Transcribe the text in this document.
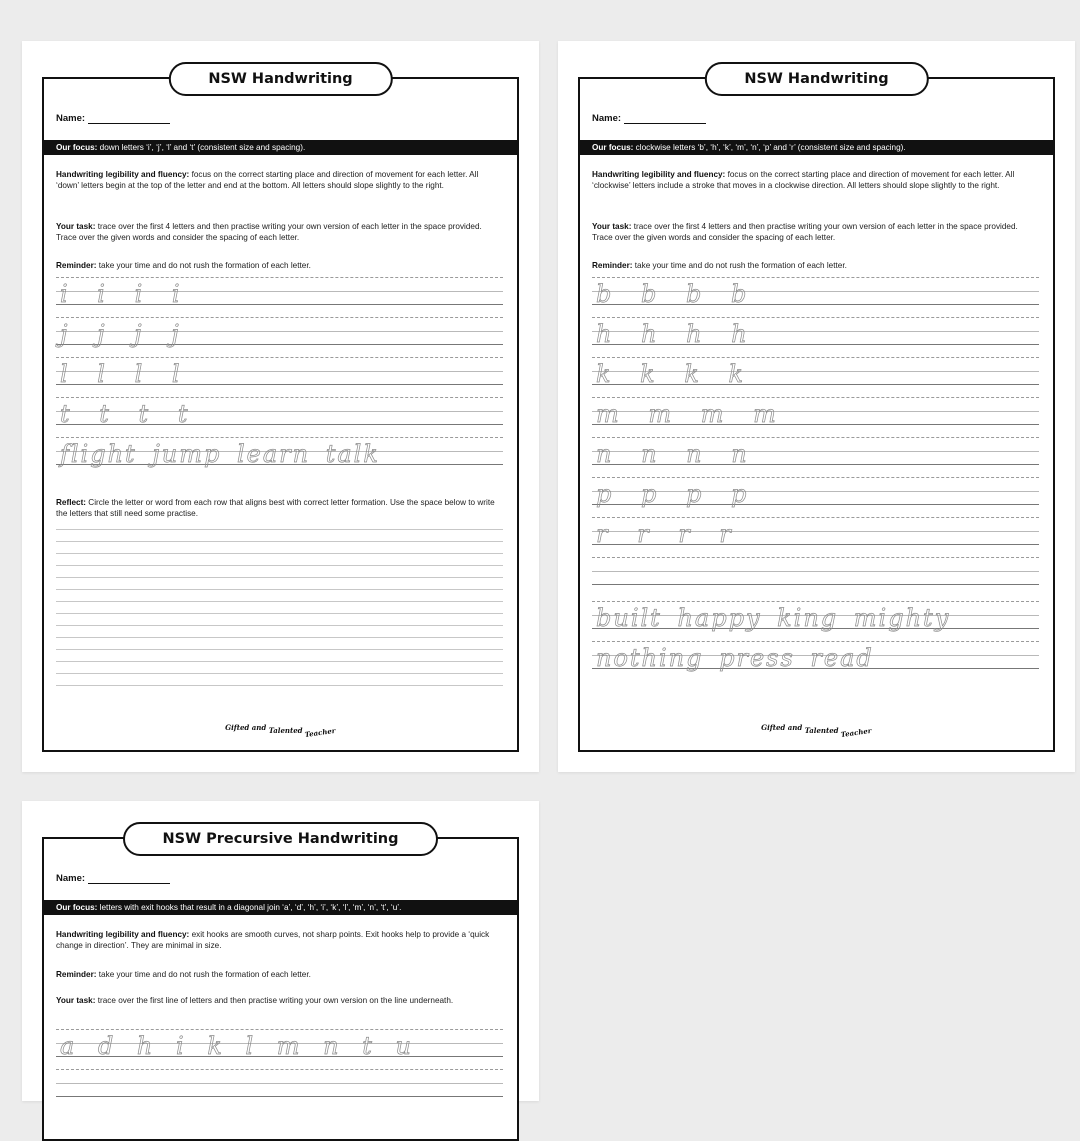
NSW Handwriting
Name:
Our focus: down letters ‘i’, ‘j’, ‘l’ and ‘t’ (consistent size and spacing).
Handwriting legibility and fluency: focus on the correct starting place and direction of movement for each letter. All ‘down’ letters begin at the top of the letter and end at the bottom. All letters should slope slightly to the right.
Your task: trace over the first 4 letters and then practise writing your own version of each letter in the space provided. Trace over the given words and consider the spacing of each letter.
Reminder: take your time and do not rush the formation of each letter.
i i i i
j j j j
l l l l
t t t t
flight jump learn talk
Reflect: Circle the letter or word from each row that aligns best with correct letter formation. Use the space below to write the letters that still need some practise.
Gifted and Talented Teacher
NSW Handwriting
Name:
Our focus: clockwise letters ‘b’, ‘h’, ‘k’, ‘m’, ‘n’, ‘p’ and ‘r’ (consistent size and spacing).
Handwriting legibility and fluency: focus on the correct starting place and direction of movement for each letter. All ‘clockwise’ letters include a stroke that moves in a clockwise direction. All letters should slope slightly to the right.
Your task: trace over the first 4 letters and then practise writing your own version of each letter in the space provided. Trace over the given words and consider the spacing of each letter.
Reminder: take your time and do not rush the formation of each letter.
b b b b
h h h h
k k k k
m m m m
n n n n
p p p p
r r r r
built happy king mighty
nothing press read
Gifted and Talented Teacher
NSW Precursive Handwriting
Name:
Our focus: letters with exit hooks that result in a diagonal join ‘a’, ‘d’, ‘h’, ‘i’, ‘k’, ‘l’, ‘m’, ‘n’, ‘t’, ‘u’.
Handwriting legibility and fluency: exit hooks are smooth curves, not sharp points. Exit hooks help to provide a ‘quick change in direction’. They are minimal in size.
Reminder: take your time and do not rush the formation of each letter.
Your task: trace over the first line of letters and then practise writing your own version on the line underneath.
a d h i k l m n t u
